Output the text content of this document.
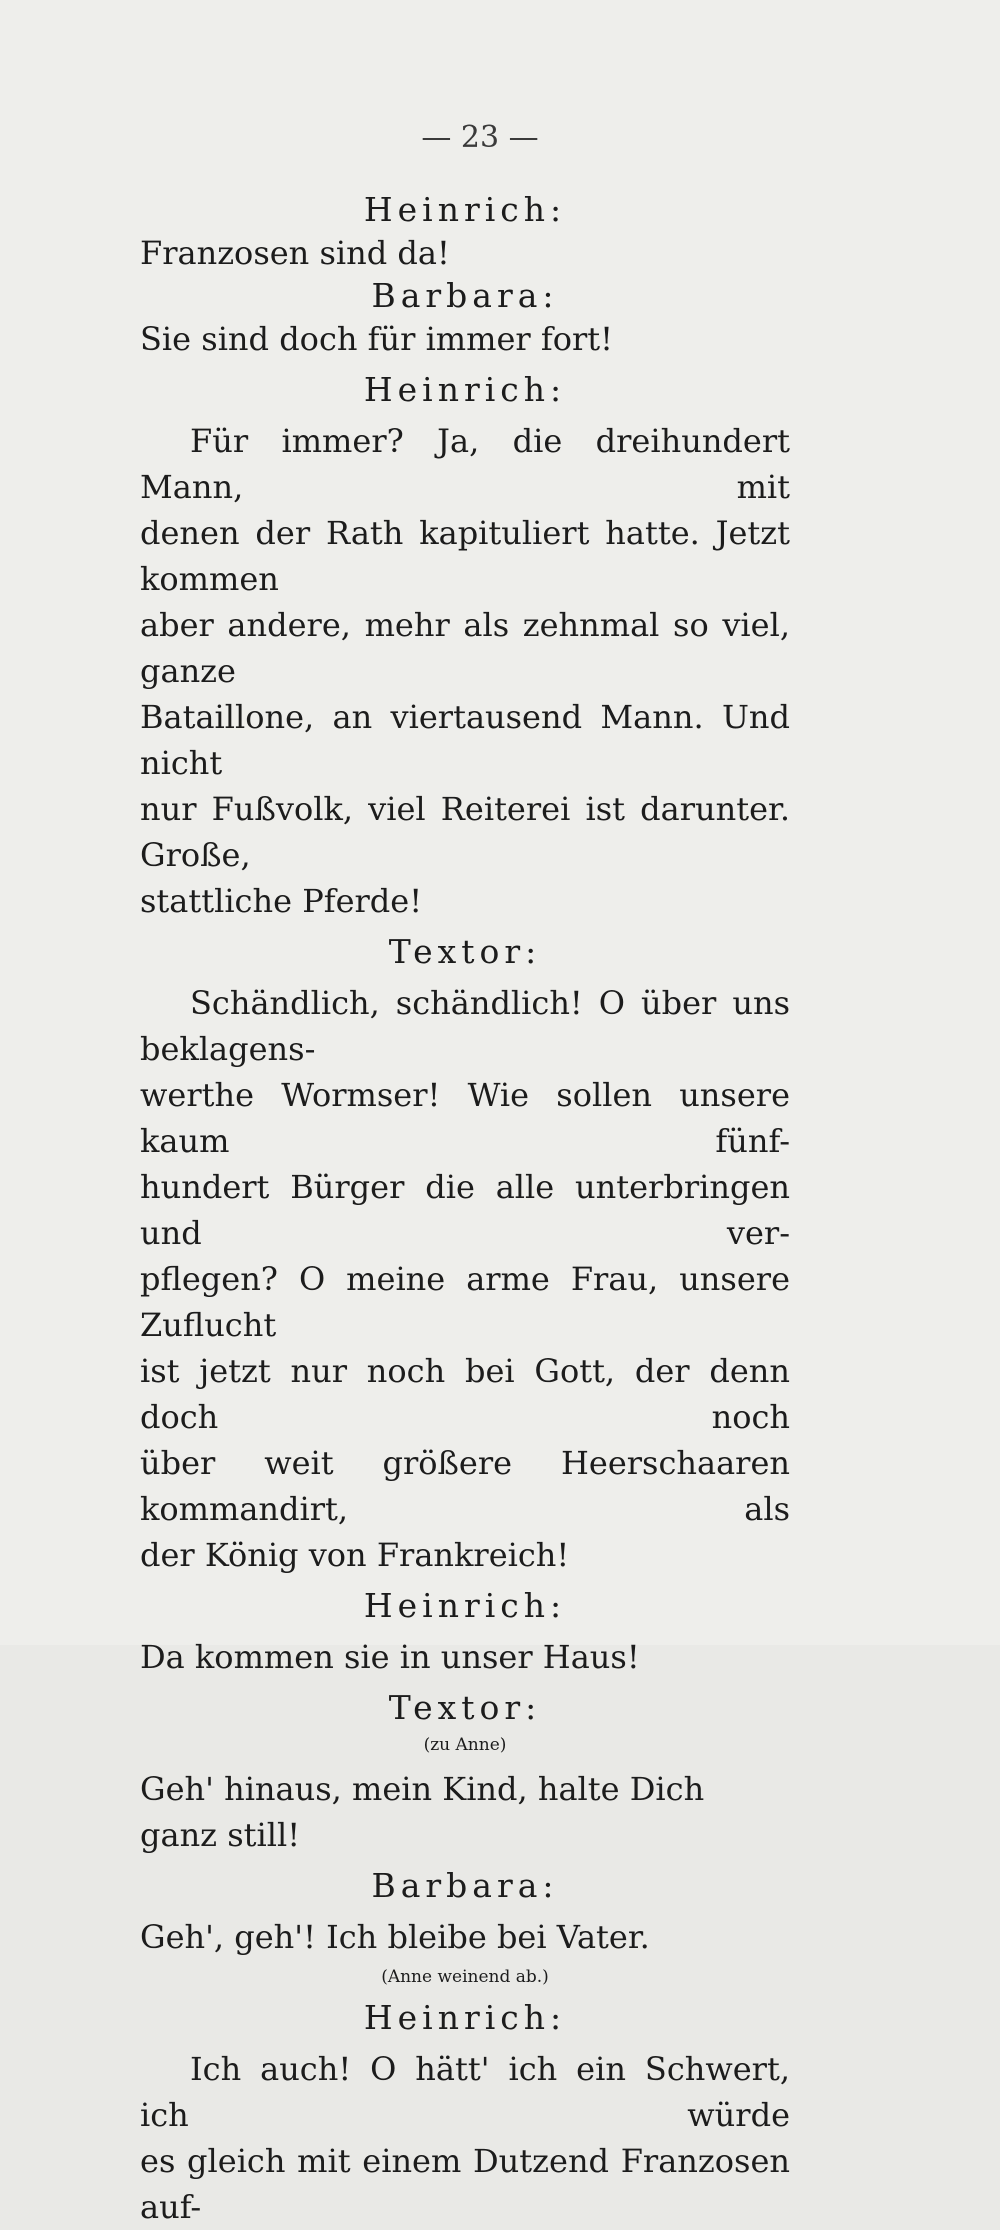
— 23 —

Heinrich:

Franzosen sind da!

Barbara:

Sie sind doch für immer fort!

Heinrich:

Für immer? Ja, die dreihundert Mann, mit

denen der Rath kapituliert hatte. Jetzt kommen

aber andere, mehr als zehnmal so viel, ganze

Bataillone, an viertausend Mann. Und nicht

nur Fußvolk, viel Reiterei ist darunter. Große,

stattliche Pferde!

Textor:

Schändlich, schändlich! O über uns beklagens-

werthe Wormser! Wie sollen unsere kaum fünf-

hundert Bürger die alle unterbringen und ver-

pflegen? O meine arme Frau, unsere Zuflucht

ist jetzt nur noch bei Gott, der denn doch noch

über weit größere Heerschaaren kommandirt, als

der König von Frankreich!

Heinrich:

Da kommen sie in unser Haus!

Textor:

(zu Anne)

Geh' hinaus, mein Kind, halte Dich ganz still!

Barbara:

Geh', geh'! Ich bleibe bei Vater.

(Anne weinend ab.)

Heinrich:

Ich auch! O hätt' ich ein Schwert, ich würde

es gleich mit einem Dutzend Franzosen auf-
